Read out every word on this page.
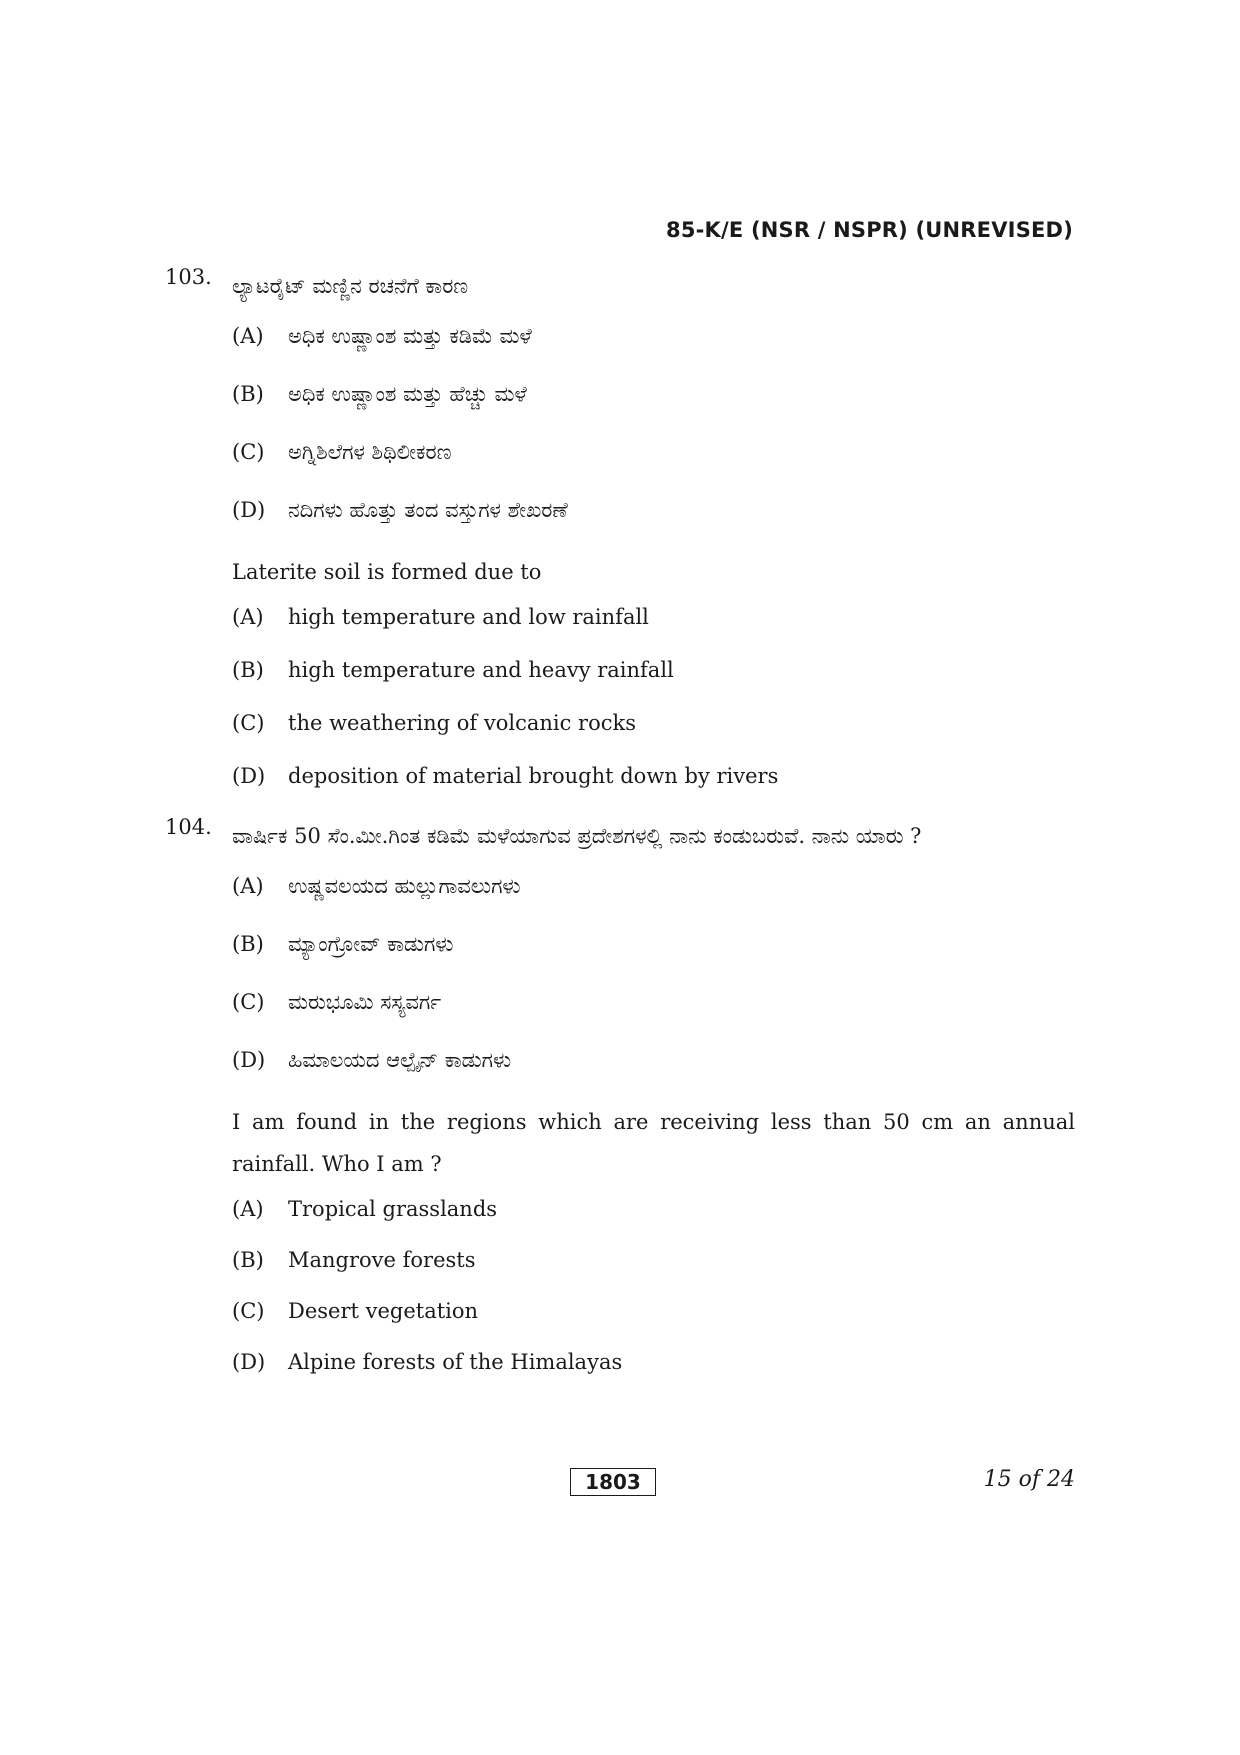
85-K/E (NSR / NSPR) (UNREVISED)
103. ಲ್ಯಾಟರೈಟ್ ಮಣ್ಣಿನ ರಚನೆಗೆ ಕಾರಣ
(A)	ಅಧಿಕ ಉಷ್ಣಾಂಶ ಮತ್ತು ಕಡಿಮೆ ಮಳೆ
(B)	ಅಧಿಕ ಉಷ್ಣಾಂಶ ಮತ್ತು ಹೆಚ್ಚು ಮಳೆ
(C)	ಅಗ್ನಿಶಿಲೆಗಳ ಶಿಥಿಲೀಕರಣ
(D)	ನದಿಗಳು ಹೊತ್ತು ತಂದ ವಸ್ತುಗಳ ಶೇಖರಣೆ
Laterite soil is formed due to
(A)	high temperature and low rainfall
(B)	high temperature and heavy rainfall
(C)	the weathering of volcanic rocks
(D)	deposition of material brought down by rivers
104. ವಾರ್ಷಿಕ 50 ಸೆಂ.ಮೀ.ಗಿಂತ ಕಡಿಮೆ ಮಳೆಯಾಗುವ ಪ್ರದೇಶಗಳಲ್ಲಿ ನಾನು ಕಂಡುಬರುವೆ. ನಾನು ಯಾರು ?
(A)	ಉಷ್ಣವಲಯದ ಹುಲ್ಲುಗಾವಲುಗಳು
(B)	ಮ್ಯಾಂಗ್ರೋವ್ ಕಾಡುಗಳು
(C)	ಮರುಭೂಮಿ ಸಸ್ಯವರ್ಗ
(D)	ಹಿಮಾಲಯದ ಆಲ್ಪೈನ್ ಕಾಡುಗಳು
I am found in the regions which are receiving less than 50 cm an annual rainfall. Who I am ?
(A)	Tropical grasslands
(B)	Mangrove forests
(C)	Desert vegetation
(D)	Alpine forests of the Himalayas
1803	15 of 24
